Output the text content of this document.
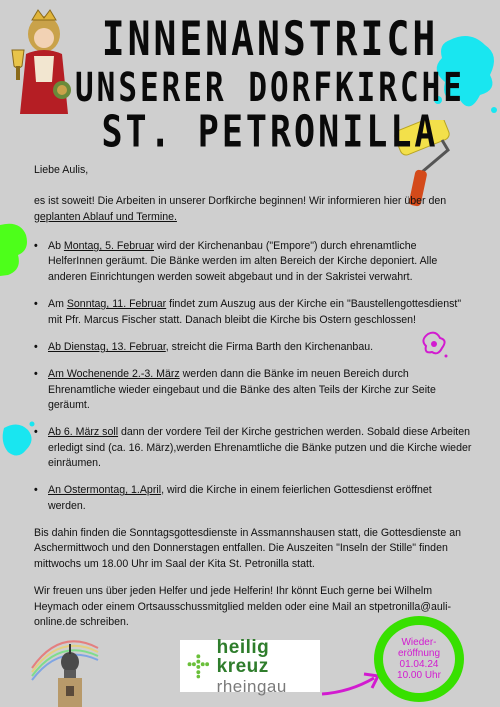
INNENANSTRICH
UNSERER DORFKIRCHE
ST. PETRONILLA

Liebe Aulis,

es ist soweit! Die Arbeiten in unserer Dorfkirche beginnen! Wir informieren hier über den geplanten Ablauf und Termine.

• Ab Montag, 5. Februar wird der Kirchenanbau ("Empore") durch ehrenamtliche HelferInnen geräumt. Die Bänke werden im alten Bereich der Kirche deponiert. Alle anderen Einrichtungen werden soweit abgebaut und in der Sakristei verwahrt.
• Am Sonntag, 11. Februar findet zum Auszug aus der Kirche ein "Baustellengottesdienst" mit Pfr. Marcus Fischer statt. Danach bleibt die Kirche bis Ostern geschlossen!
• Ab Dienstag, 13. Februar, streicht die Firma Barth den Kirchenanbau.
• Am Wochenende 2.-3. März werden dann die Bänke im neuen Bereich durch Ehrenamtliche wieder eingebaut und die Bänke des alten Teils der Kirche zur Seite geräumt.
• Ab 6. März soll dann der vordere Teil der Kirche gestrichen werden. Sobald diese Arbeiten erledigt sind (ca. 16. März),werden Ehrenamtliche die Bänke putzen und die Kirche wieder einräumen.
• An Ostermontag, 1.April, wird die Kirche in einem feierlichen Gottesdienst eröffnet werden.

Bis dahin finden die Sonntagsgottesdienste in Assmannshausen statt, die Gottesdienste an Aschermittwoch und den Donnerstagen entfallen. Die Auszeiten "Inseln der Stille" finden mittwochs um 18.00 Uhr im Saal der Kita St. Petronilla statt.

Wir freuen uns über jeden Helfer und jede Helferin! Ihr könnt Euch gerne bei Wilhelm Heymach oder einem Ortsausschussmitglied melden oder eine Mail an stpetronilla@auli-online.de schreiben.

heilig kreuz
rheingau
Wieder-
eröffnung
01.04.24
10.00 Uhr
